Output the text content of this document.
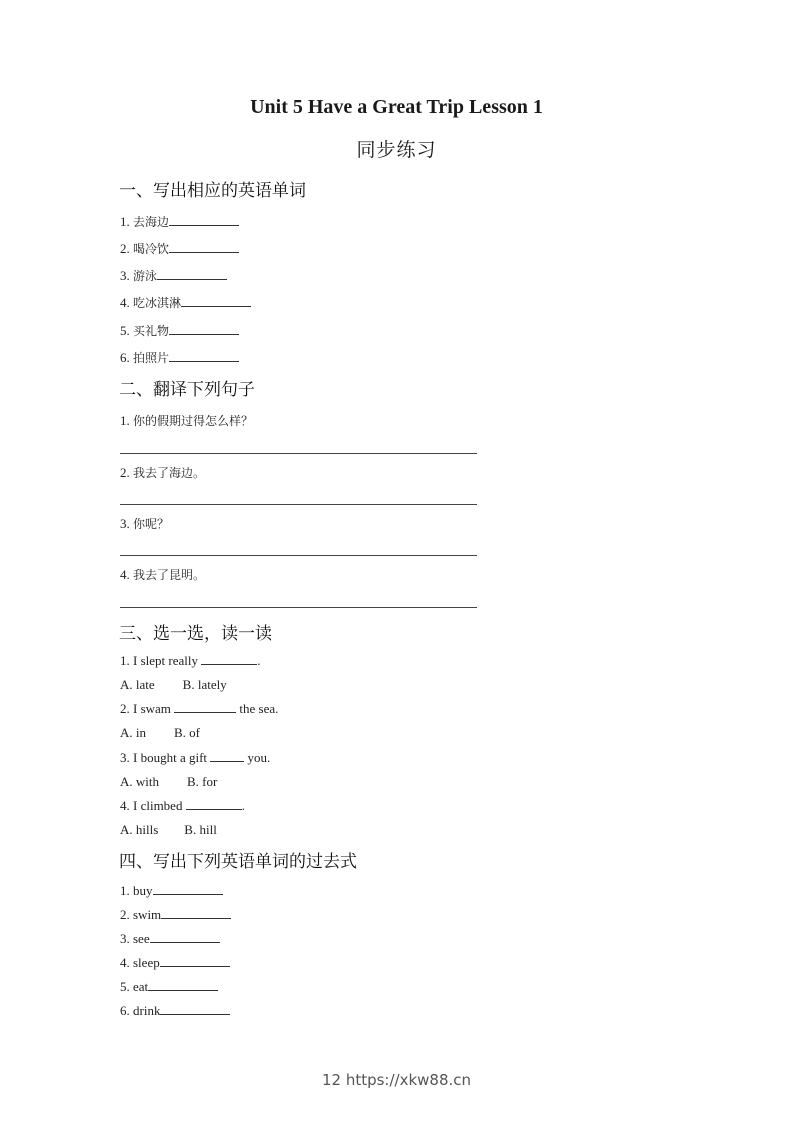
Unit 5 Have a Great Trip Lesson 1
同步练习
一、写出相应的英语单词
1. 去海边
2. 喝冷饮
3. 游泳
4. 吃冰淇淋
5. 买礼物
6. 拍照片
二、翻译下列句子
1. 你的假期过得怎么样？
2. 我去了海边。
3. 你呢？
4. 我去了昆明。
三、选一选，读一读
1. I slept really	.
A. late B. lately
2. I swam	the sea.
A. in B. of
3. I bought a gift	you.
A. with B. for
4. I climbed	.
A. hills B. hill
四、写出下列英语单词的过去式
1. buy
2. swim
3. see
4. sleep
5. eat
6. drink
12 https://xkw88.cn
